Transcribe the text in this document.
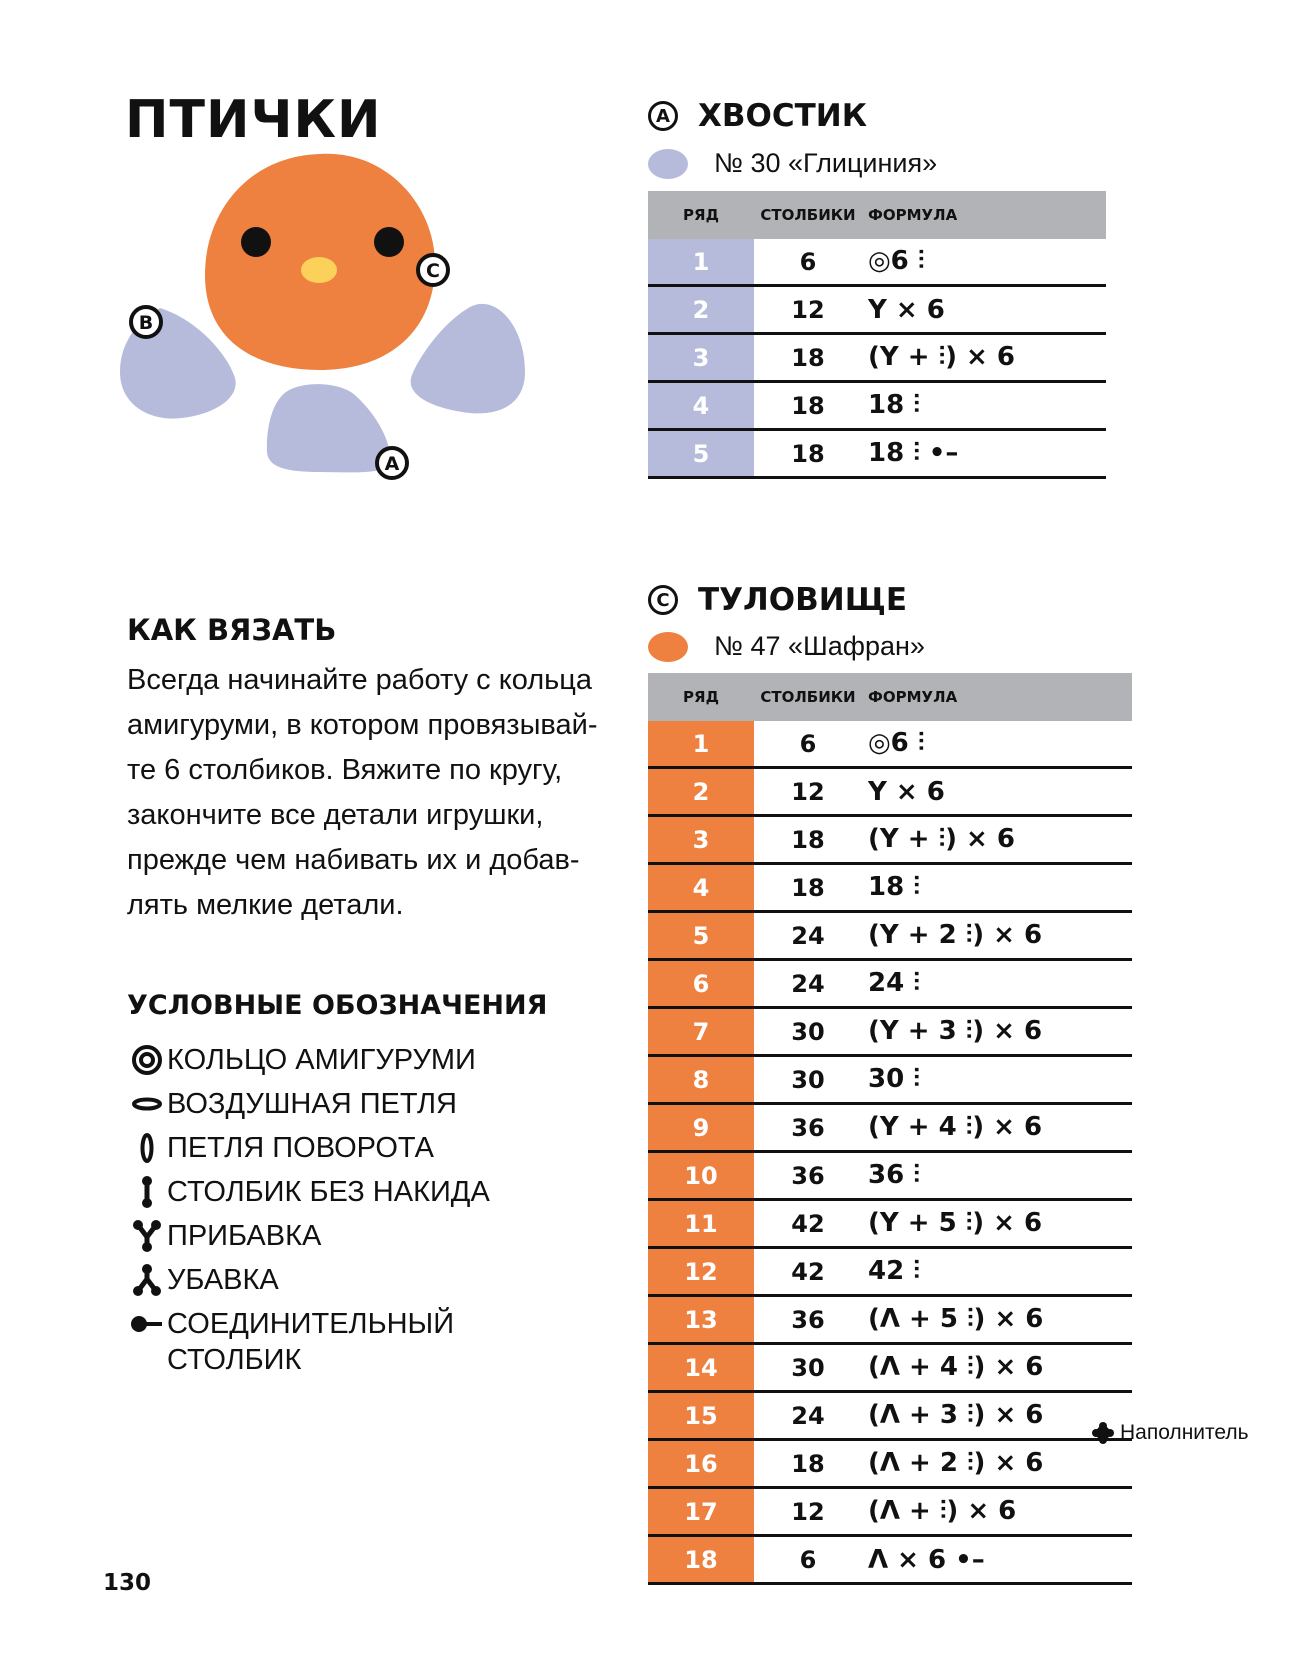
ПТИЧКИ
C
B
A
КАК ВЯЗАТЬ
Всегда начинайте работу с кольца
амигуруми, в котором провязывай-
те 6 столбиков. Вяжите по кругу,
закончите все детали игрушки,
прежде чем набивать их и добав-
лять мелкие детали.
УСЛОВНЫЕ ОБОЗНАЧЕНИЯ
КОЛЬЦО АМИГУРУМИ
ВОЗДУШНАЯ ПЕТЛЯ
ПЕТЛЯ ПОВОРОТА
СТОЛБИК БЕЗ НАКИДА
ПРИБАВКА
УБАВКА
СОЕДИНИТЕЛЬНЫЙ
СТОЛБИК
A ХВОСТИК
№ 30 «Глициния»
РЯД	СТОЛБИКИ	ФОРМУЛА
1	6	◎6 ⫶
2	12	Y × 6
3	18	(Y + ⫶) × 6
4	18	18 ⫶
5	18	18 ⫶ •–
C ТУЛОВИЩЕ
№ 47 «Шафран»
РЯД	СТОЛБИКИ	ФОРМУЛА
1	6	◎6 ⫶
2	12	Y × 6
3	18	(Y + ⫶) × 6
4	18	18 ⫶
5	24	(Y + 2 ⫶) × 6
6	24	24 ⫶
7	30	(Y + 3 ⫶) × 6
8	30	30 ⫶
9	36	(Y + 4 ⫶) × 6
10	36	36 ⫶
11	42	(Y + 5 ⫶) × 6
12	42	42 ⫶
13	36	(Λ + 5 ⫶) × 6
14	30	(Λ + 4 ⫶) × 6
15	24	(Λ + 3 ⫶) × 6
16	18	(Λ + 2 ⫶) × 6
17	12	(Λ + ⫶) × 6
18	6	Λ × 6 •–
Наполнитель
130
